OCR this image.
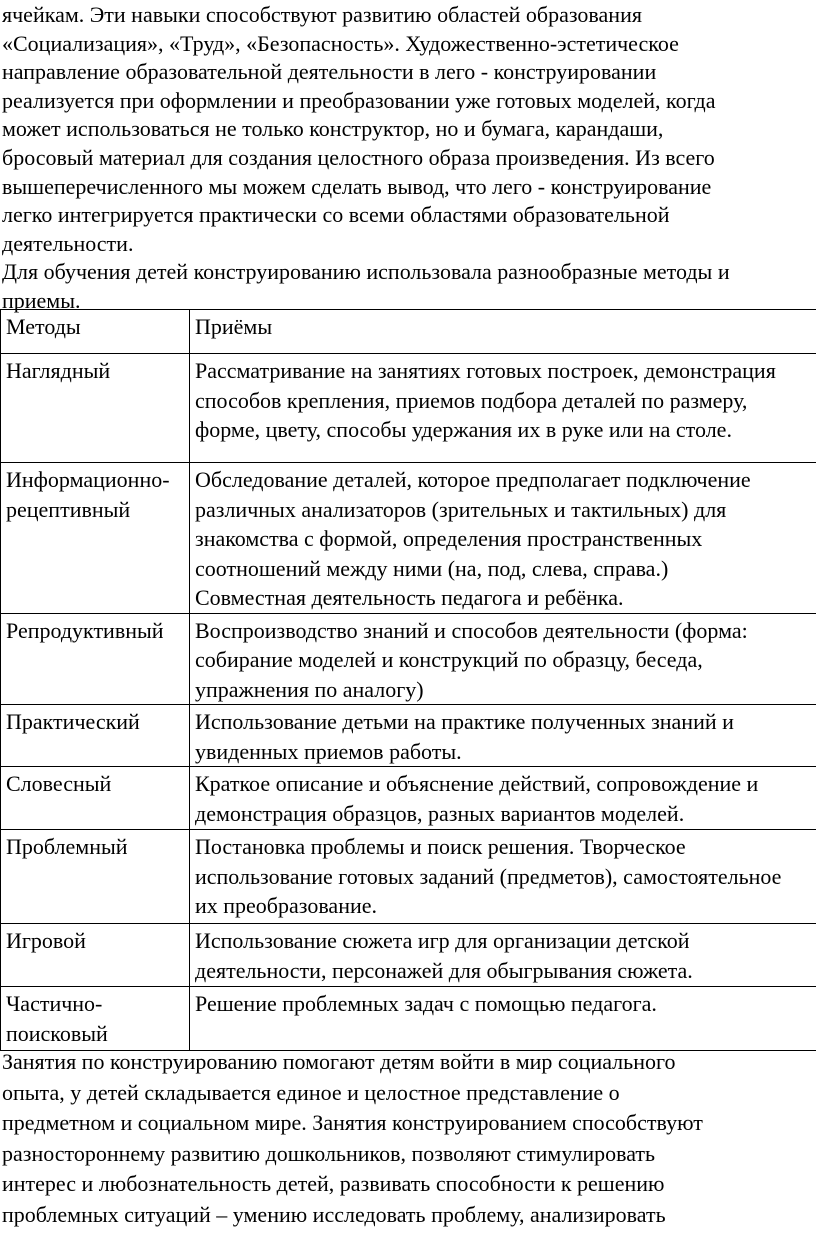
ячейкам. Эти навыки способствуют развитию областей образования
«Социализация», «Труд», «Безопасность». Художественно-эстетическое
направление образовательной деятельности в лего - конструировании
реализуется при оформлении и преобразовании уже готовых моделей, когда
может использоваться не только конструктор, но и бумага, карандаши,
бросовый материал для создания целостного образа произведения. Из всего
вышеперечисленного мы можем сделать вывод, что лего - конструирование
легко интегрируется практически со всеми областями образовательной
деятельности.

Для обучения детей конструированию использовала разнообразные методы и
приемы.

Методы	Приёмы

Наглядный	Рассматривание на занятиях готовых построек, демонстрация
способов крепления, приемов подбора деталей по размеру,
форме, цвету, способы удержания их в руке или на столе.

Информационно-
рецептивный	Обследование деталей, которое предполагает подключение
различных анализаторов (зрительных и тактильных) для
знакомства с формой, определения пространственных
соотношений между ними (на, под, слева, справа.)
Совместная деятельность педагога и ребёнка.

Репродуктивный	Воспроизводство знаний и способов деятельности (форма:
собирание моделей и конструкций по образцу, беседа,
упражнения по аналогу)

Практический	Использование детьми на практике полученных знаний и
увиденных приемов работы.

Словесный	Краткое описание и объяснение действий, сопровождение и
демонстрация образцов, разных вариантов моделей.

Проблемный	Постановка проблемы и поиск решения. Творческое
использование готовых заданий (предметов), самостоятельное
их преобразование.

Игровой	Использование сюжета игр для организации детской
деятельности, персонажей для обыгрывания сюжета.

Частично-
поисковый	Решение проблемных задач с помощью педагога.

Занятия по конструированию помогают детям войти в мир социального
опыта, у детей складывается единое и целостное представление о
предметном и социальном мире. Занятия конструированием способствуют
разностороннему развитию дошкольников, позволяют стимулировать
интерес и любознательность детей, развивать способности к решению
проблемных ситуаций – умению исследовать проблему, анализировать
